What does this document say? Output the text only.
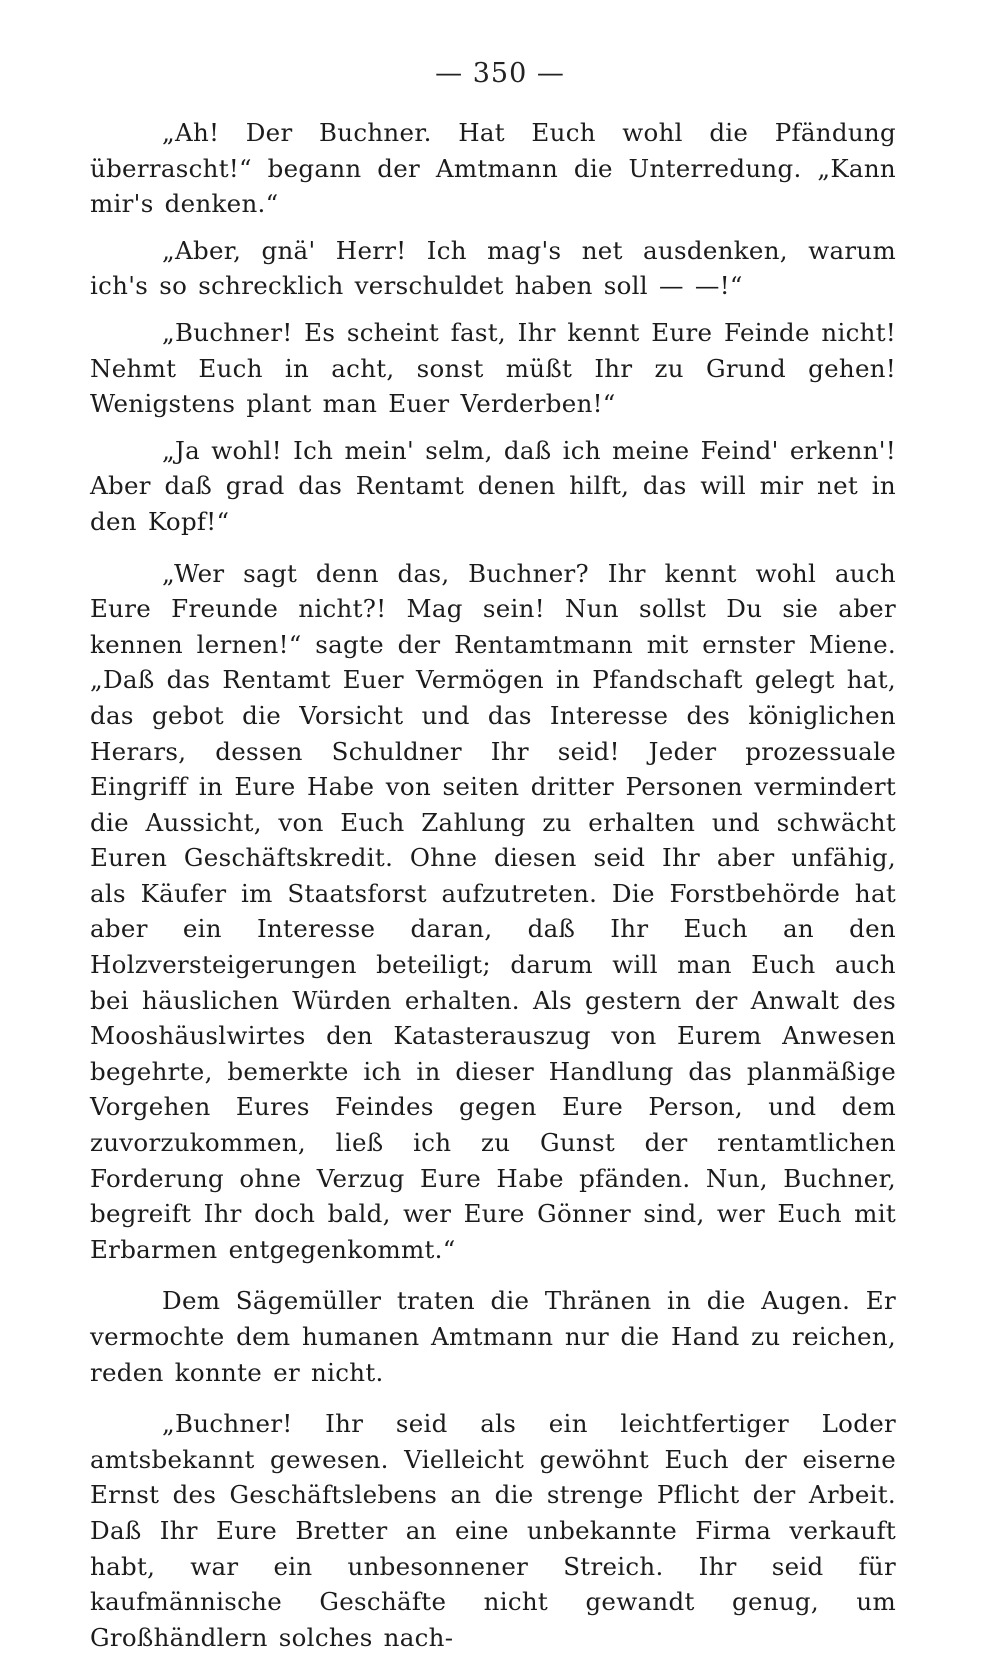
— 350 —

„Ah! Der Buchner. Hat Euch wohl die Pfändung überrascht!“ begann der Amtmann die Unterredung. „Kann mir's denken.“

„Aber, gnä' Herr! Ich mag's net ausdenken, warum ich's so schrecklich verschuldet haben soll — —!“

„Buchner! Es scheint fast, Ihr kennt Eure Feinde nicht! Nehmt Euch in acht, sonst müßt Ihr zu Grund gehen! Wenigstens plant man Euer Verderben!“

„Ja wohl! Ich mein' selm, daß ich meine Feind' erkenn'! Aber daß grad das Rentamt denen hilft, das will mir net in den Kopf!“

„Wer sagt denn das, Buchner? Ihr kennt wohl auch Eure Freunde nicht?! Mag sein! Nun sollst Du sie aber kennen lernen!“ sagte der Rentamtmann mit ernster Miene. „Daß das Rentamt Euer Vermögen in Pfandschaft gelegt hat, das gebot die Vorsicht und das Interesse des königlichen Herars, dessen Schuldner Ihr seid! Jeder prozessuale Eingriff in Eure Habe von seiten dritter Personen vermindert die Aussicht, von Euch Zahlung zu erhalten und schwächt Euren Geschäftskredit. Ohne diesen seid Ihr aber unfähig, als Käufer im Staatsforst aufzutreten. Die Forstbehörde hat aber ein Interesse daran, daß Ihr Euch an den Holzversteigerungen beteiligt; darum will man Euch auch bei häuslichen Würden erhalten. Als gestern der Anwalt des Mooshäuslwirtes den Katasterauszug von Eurem Anwesen begehrte, bemerkte ich in dieser Handlung das planmäßige Vorgehen Eures Feindes gegen Eure Person, und dem zuvorzukommen, ließ ich zu Gunst der rentamtlichen Forderung ohne Verzug Eure Habe pfänden. Nun, Buchner, begreift Ihr doch bald, wer Eure Gönner sind, wer Euch mit Erbarmen entgegenkommt.“

Dem Sägemüller traten die Thränen in die Augen. Er vermochte dem humanen Amtmann nur die Hand zu reichen, reden konnte er nicht.

„Buchner! Ihr seid als ein leichtfertiger Loder amtsbekannt gewesen. Vielleicht gewöhnt Euch der eiserne Ernst des Geschäftslebens an die strenge Pflicht der Arbeit. Daß Ihr Eure Bretter an eine unbekannte Firma verkauft habt, war ein unbesonnener Streich. Ihr seid für kaufmännische Geschäfte nicht gewandt genug, um Großhändlern solches nach-
